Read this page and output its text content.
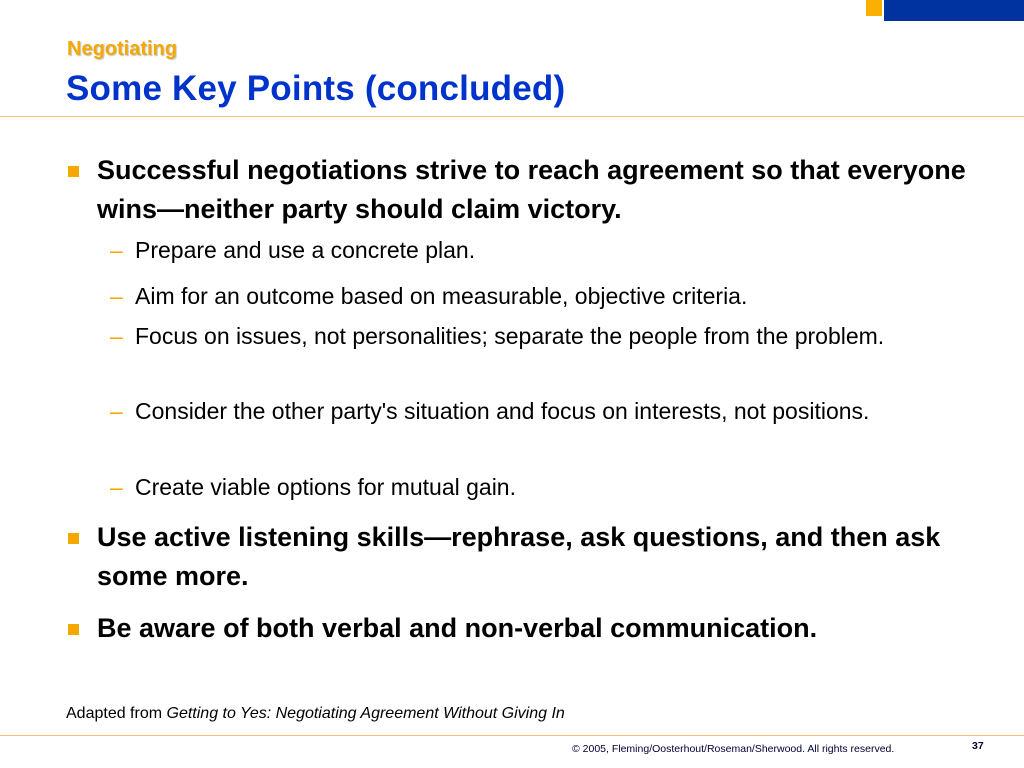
Negotiating
Some Key Points (concluded)
Successful negotiations strive to reach agreement so that everyone wins—neither party should claim victory.
– Prepare and use a concrete plan.
– Aim for an outcome based on measurable, objective criteria.
– Focus on issues, not personalities; separate the people from the problem.
– Consider the other party's situation and focus on interests, not positions.
– Create viable options for mutual gain.
Use active listening skills—rephrase, ask questions, and then ask some more.
Be aware of both verbal and non-verbal communication.
Adapted from Getting to Yes: Negotiating Agreement Without Giving In
© 2005, Fleming/Oosterhout/Roseman/Sherwood. All rights reserved.	37
